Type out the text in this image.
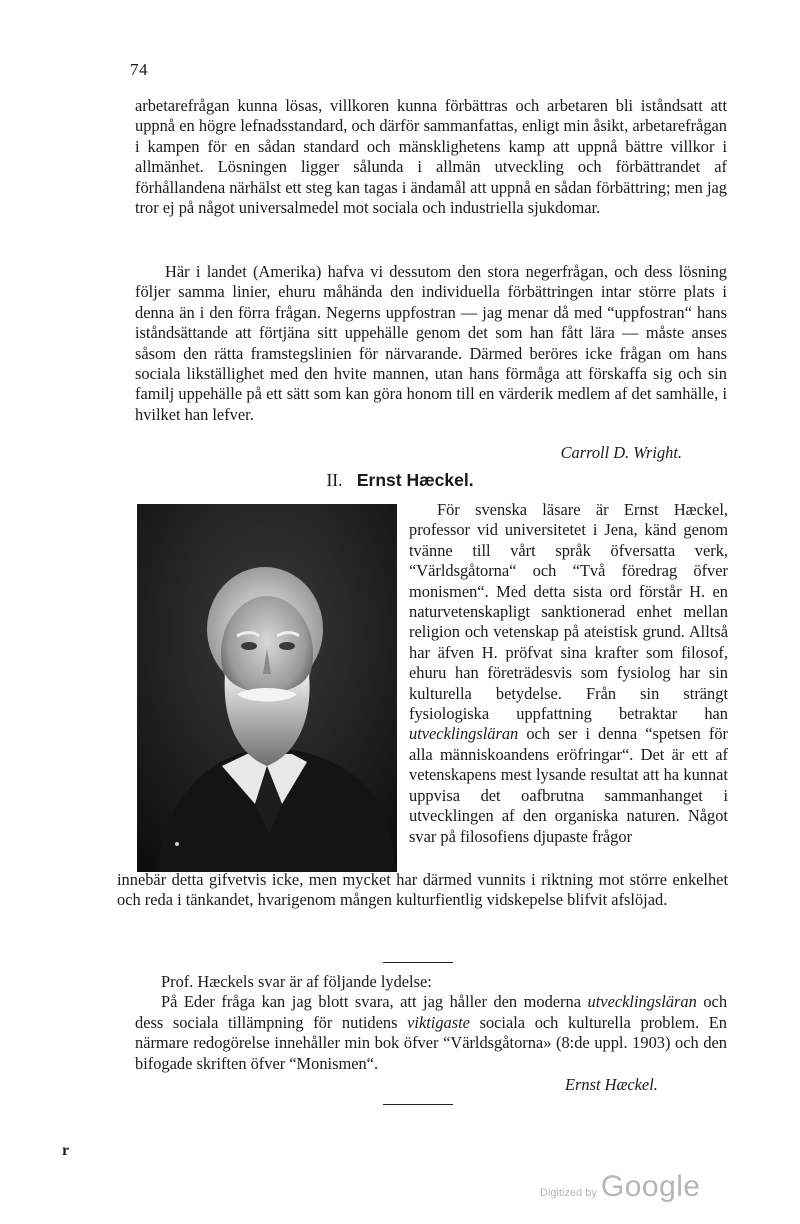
74

arbetarefrågan kunna lösas, villkoren kunna förbättras och arbetaren bli iståndsatt att uppnå en högre lefnadsstandard, och därför sammanfattas, enligt min åsikt, arbetarefrågan i kampen för en sådan standard och mänsklighetens kamp att uppnå bättre villkor i allmänhet. Lösningen ligger sålunda i allmän utveckling och förbättrandet af förhållandena närhälst ett steg kan tagas i ändamål att uppnå en sådan förbättring; men jag tror ej på något universalmedel mot sociala och industriella sjukdomar.

Här i landet (Amerika) hafva vi dessutom den stora negerfrågan, och dess lösning följer samma linier, ehuru måhända den individuella förbättringen intar större plats i denna än i den förra frågan. Negerns uppfostran — jag menar då med “uppfostran“ hans iståndsättande att förtjäna sitt uppehälle genom det som han fått lära — måste anses såsom den rätta framstegslinien för närvarande. Därmed beröres icke frågan om hans sociala likställighet med den hvite mannen, utan hans förmåga att förskaffa sig och sin familj uppehälle på ett sätt som kan göra honom till en värderik medlem af det samhälle, i hvilket han lefver.

Carroll D. Wright.
II. Ernst Hæckel.

För svenska läsare är Ernst Hæckel, professor vid universitetet i Jena, känd genom tvänne till vårt språk öfversatta verk, “Världsgåtorna“ och “Två föredrag öfver monismen“. Med detta sista ord förstår H. en naturvetenskapligt sanktionerad enhet mellan religion och vetenskap på ateistisk grund. Alltså har äfven H. pröfvat sina krafter som filosof, ehuru han företrädesvis som fysiolog har sin kulturella betydelse. Från sin strängt fysiologiska uppfattning betraktar han utvecklingsläran och ser i denna “spetsen för alla människoandens eröfringar“. Det är ett af vetenskapens mest lysande resultat att ha kunnat uppvisa det oafbrutna sammanhanget i utvecklingen af den organiska naturen. Något svar på filosofiens djupaste frågor

innebär detta gifvetvis icke, men mycket har därmed vunnits i riktning mot större enkelhet och reda i tänkandet, hvarigenom mången kulturfientlig vidskepelse blifvit afslöjad.

Prof. Hæckels svar är af följande lydelse:

På Eder fråga kan jag blott svara, att jag håller den moderna utvecklingsläran och dess sociala tillämpning för nutidens viktigaste sociala och kulturella problem. En närmare redogörelse innehåller min bok öfver “Världsgåtorna» (8:de uppl. 1903) och den bifogade skriften öfver “Monismen“.

Ernst Hæckel.
r
Digitized by Google
